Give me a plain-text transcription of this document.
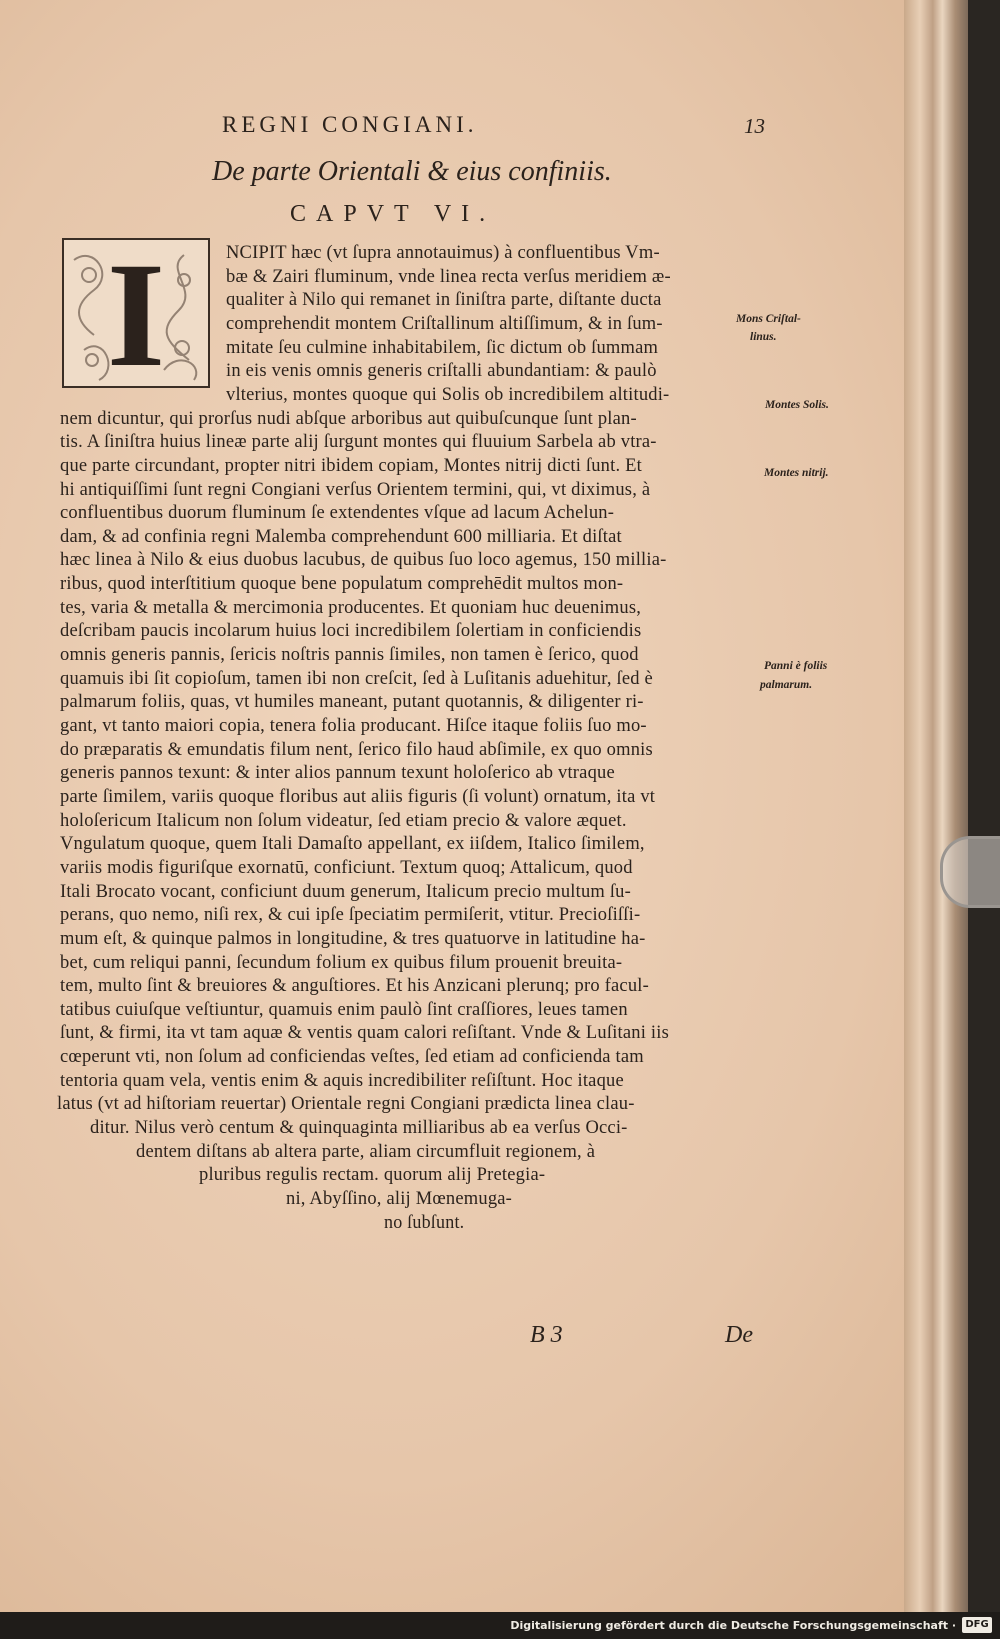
REGNI CONGIANI.	13
De parte Orientali & eius confiniis.
CAPVT VI.
I	NCIPIT hæc (vt ſupra annotauimus) à confluentibus Vm-
bæ & Zairi fluminum, vnde linea recta verſus meridiem æ-
qualiter à Nilo qui remanet in ſiniſtra parte, diſtante ducta
comprehendit montem Criſtallinum altiſſimum, & in ſum-
mitate ſeu culmine inhabitabilem, ſic dictum ob ſummam
in eis venis omnis generis criſtalli abundantiam: & paulò
vlterius, montes quoque qui Solis ob incredibilem altitudi-
nem dicuntur, qui prorſus nudi abſque arboribus aut quibuſcunque ſunt plan-
tis. A ſiniſtra huius lineæ parte alij ſurgunt montes qui fluuium Sarbela ab vtra-
que parte circundant, propter nitri ibidem copiam, Montes nitrij dicti ſunt. Et
hi antiquiſſimi ſunt regni Congiani verſus Orientem termini, qui, vt diximus, à
confluentibus duorum fluminum ſe extendentes vſque ad lacum Achelun-
dam, & ad confinia regni Malemba comprehendunt 600 milliaria. Et diſtat
hæc linea à Nilo & eius duobus lacubus, de quibus ſuo loco agemus, 150 millia-
ribus, quod interſtitium quoque bene populatum comprehēdit multos mon-
tes, varia & metalla & mercimonia producentes. Et quoniam huc deuenimus,
deſcribam paucis incolarum huius loci incredibilem ſolertiam in conficiendis
omnis generis pannis, ſericis noſtris pannis ſimiles, non tamen è ſerico, quod
quamuis ibi ſit copioſum, tamen ibi non creſcit, ſed à Luſitanis aduehitur, ſed è
palmarum foliis, quas, vt humiles maneant, putant quotannis, & diligenter ri-
gant, vt tanto maiori copia, tenera folia producant. Hiſce itaque foliis ſuo mo-
do præparatis & emundatis filum nent, ſerico filo haud abſimile, ex quo omnis
generis pannos texunt: & inter alios pannum texunt holoſerico ab vtraque
parte ſimilem, variis quoque floribus aut aliis figuris (ſi volunt) ornatum, ita vt
holoſericum Italicum non ſolum videatur, ſed etiam precio & valore æquet.
Vngulatum quoque, quem Itali Damaſto appellant, ex iiſdem, Italico ſimilem,
variis modis figuriſque exornatū, conficiunt. Textum quoq; Attalicum, quod
Itali Brocato vocant, conficiunt duum generum, Italicum precio multum ſu-
perans, quo nemo, niſi rex, & cui ipſe ſpeciatim permiſerit, vtitur. Precioſiſſi-
mum eſt, & quinque palmos in longitudine, & tres quatuorve in latitudine ha-
bet, cum reliqui panni, ſecundum folium ex quibus filum prouenit breuita-
tem, multo ſint & breuiores & anguſtiores. Et his Anzicani plerunq; pro facul-
tatibus cuiuſque veſtiuntur, quamuis enim paulò ſint craſſiores, leues tamen
ſunt, & firmi, ita vt tam aquæ & ventis quam calori reſiſtant. Vnde & Luſitani iis
cœperunt vti, non ſolum ad conficiendas veſtes, ſed etiam ad conficienda tam
tentoria quam vela, ventis enim & aquis incredibiliter reſiſtunt. Hoc itaque
latus (vt ad hiſtoriam reuertar) Orientale regni Congiani prædicta linea clau-
ditur. Nilus verò centum & quinquaginta milliaribus ab ea verſus Occi-
dentem diſtans ab altera parte, aliam circumfluit regionem, à
pluribus regulis rectam. quorum alij Pretegia-
ni, Abyſſino, alij Mœnemuga-
no ſubſunt.
Mons Criſtal-
linus.
Montes Solis.
Montes nitrij.
Panni è foliis
palmarum.
B 3	De
Digitalisierung gefördert durch die Deutsche Forschungsgemeinschaft · DFG
